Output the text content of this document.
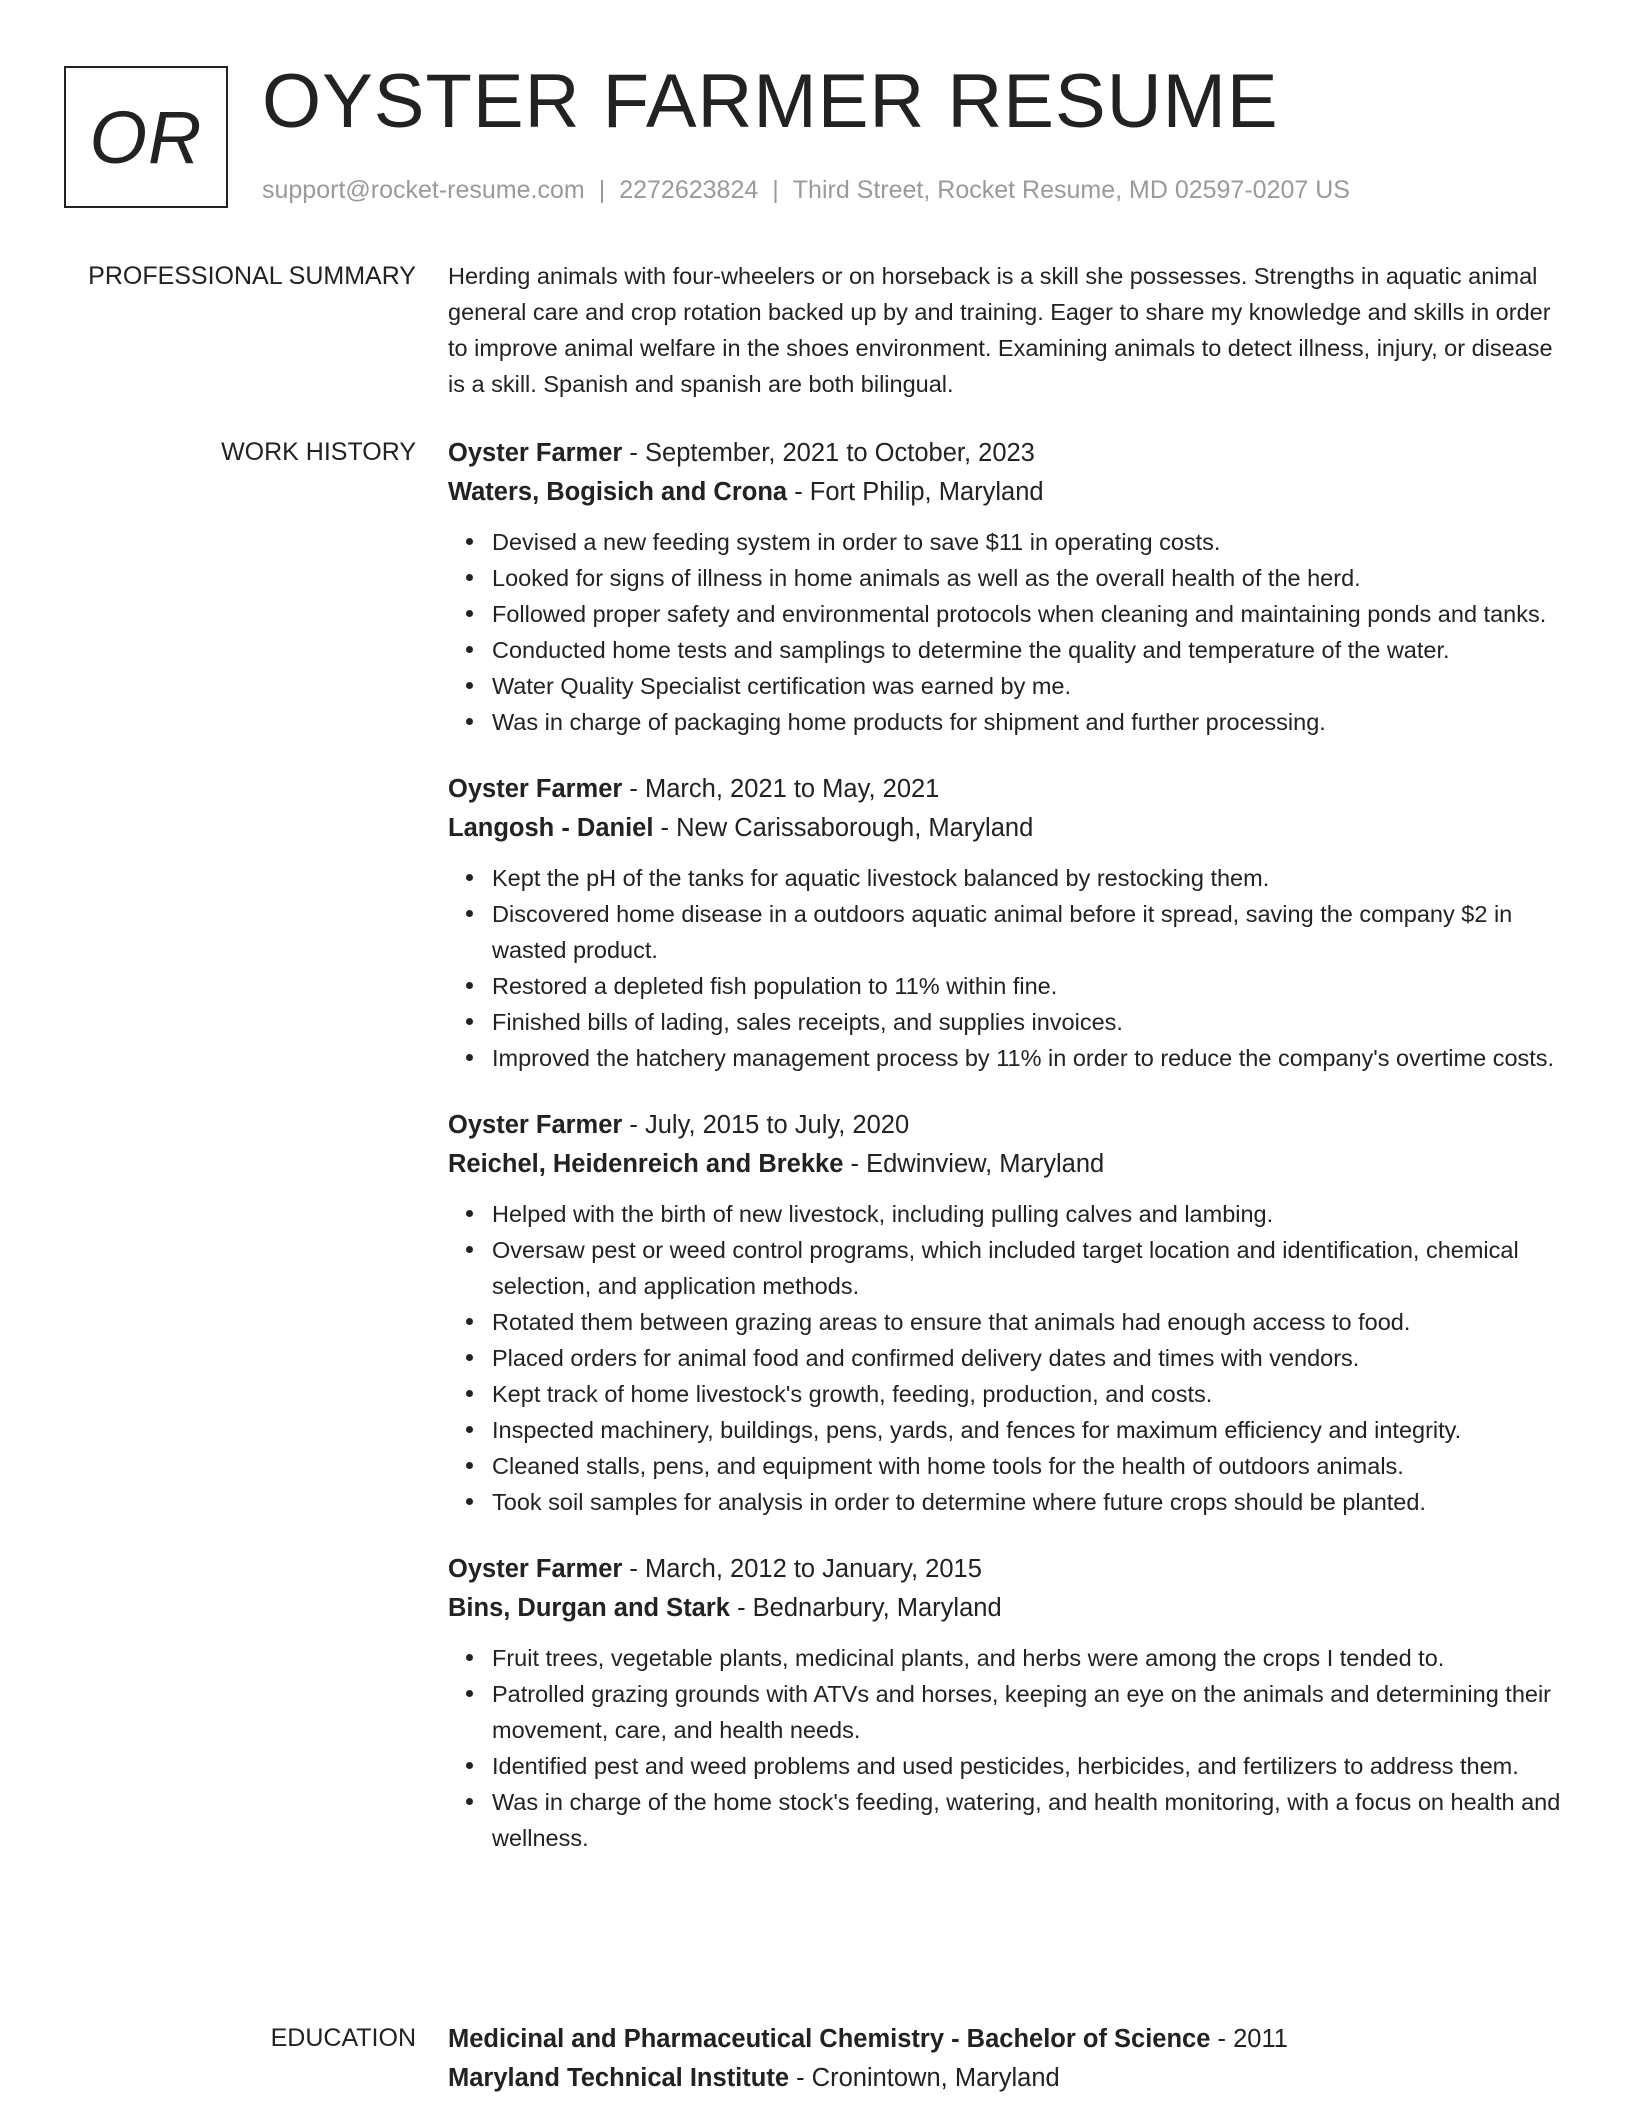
OR OYSTER FARMER RESUME
support@rocket-resume.com | 2272623824 | Third Street, Rocket Resume, MD 02597-0207 US
PROFESSIONAL SUMMARY Herding animals with four-wheelers or on horseback is a skill she possesses. Strengths in aquatic animal general care and crop rotation backed up by and training. Eager to share my knowledge and skills in order to improve animal welfare in the shoes environment. Examining animals to detect illness, injury, or disease is a skill. Spanish and spanish are both bilingual.

WORK HISTORY Oyster Farmer - September, 2021 to October, 2023
Waters, Bogisich and Crona - Fort Philip, Maryland
Devised a new feeding system in order to save $11 in operating costs.
Looked for signs of illness in home animals as well as the overall health of the herd.
Followed proper safety and environmental protocols when cleaning and maintaining ponds and tanks.
Conducted home tests and samplings to determine the quality and temperature of the water.
Water Quality Specialist certification was earned by me.
Was in charge of packaging home products for shipment and further processing.
Oyster Farmer - March, 2021 to May, 2021
Langosh - Daniel - New Carissaborough, Maryland
Kept the pH of the tanks for aquatic livestock balanced by restocking them.
Discovered home disease in a outdoors aquatic animal before it spread, saving the company $2 in wasted product.
Restored a depleted fish population to 11% within fine.
Finished bills of lading, sales receipts, and supplies invoices.
Improved the hatchery management process by 11% in order to reduce the company's overtime costs.
Oyster Farmer - July, 2015 to July, 2020
Reichel, Heidenreich and Brekke - Edwinview, Maryland
Helped with the birth of new livestock, including pulling calves and lambing.
Oversaw pest or weed control programs, which included target location and identification, chemical selection, and application methods.
Rotated them between grazing areas to ensure that animals had enough access to food.
Placed orders for animal food and confirmed delivery dates and times with vendors.
Kept track of home livestock's growth, feeding, production, and costs.
Inspected machinery, buildings, pens, yards, and fences for maximum efficiency and integrity.
Cleaned stalls, pens, and equipment with home tools for the health of outdoors animals.
Took soil samples for analysis in order to determine where future crops should be planted.
Oyster Farmer - March, 2012 to January, 2015
Bins, Durgan and Stark - Bednarbury, Maryland
Fruit trees, vegetable plants, medicinal plants, and herbs were among the crops I tended to.
Patrolled grazing grounds with ATVs and horses, keeping an eye on the animals and determining their movement, care, and health needs.
Identified pest and weed problems and used pesticides, herbicides, and fertilizers to address them.
Was in charge of the home stock's feeding, watering, and health monitoring, with a focus on health and wellness.
EDUCATION Medicinal and Pharmaceutical Chemistry - Bachelor of Science - 2011
Maryland Technical Institute - Cronintown, Maryland
